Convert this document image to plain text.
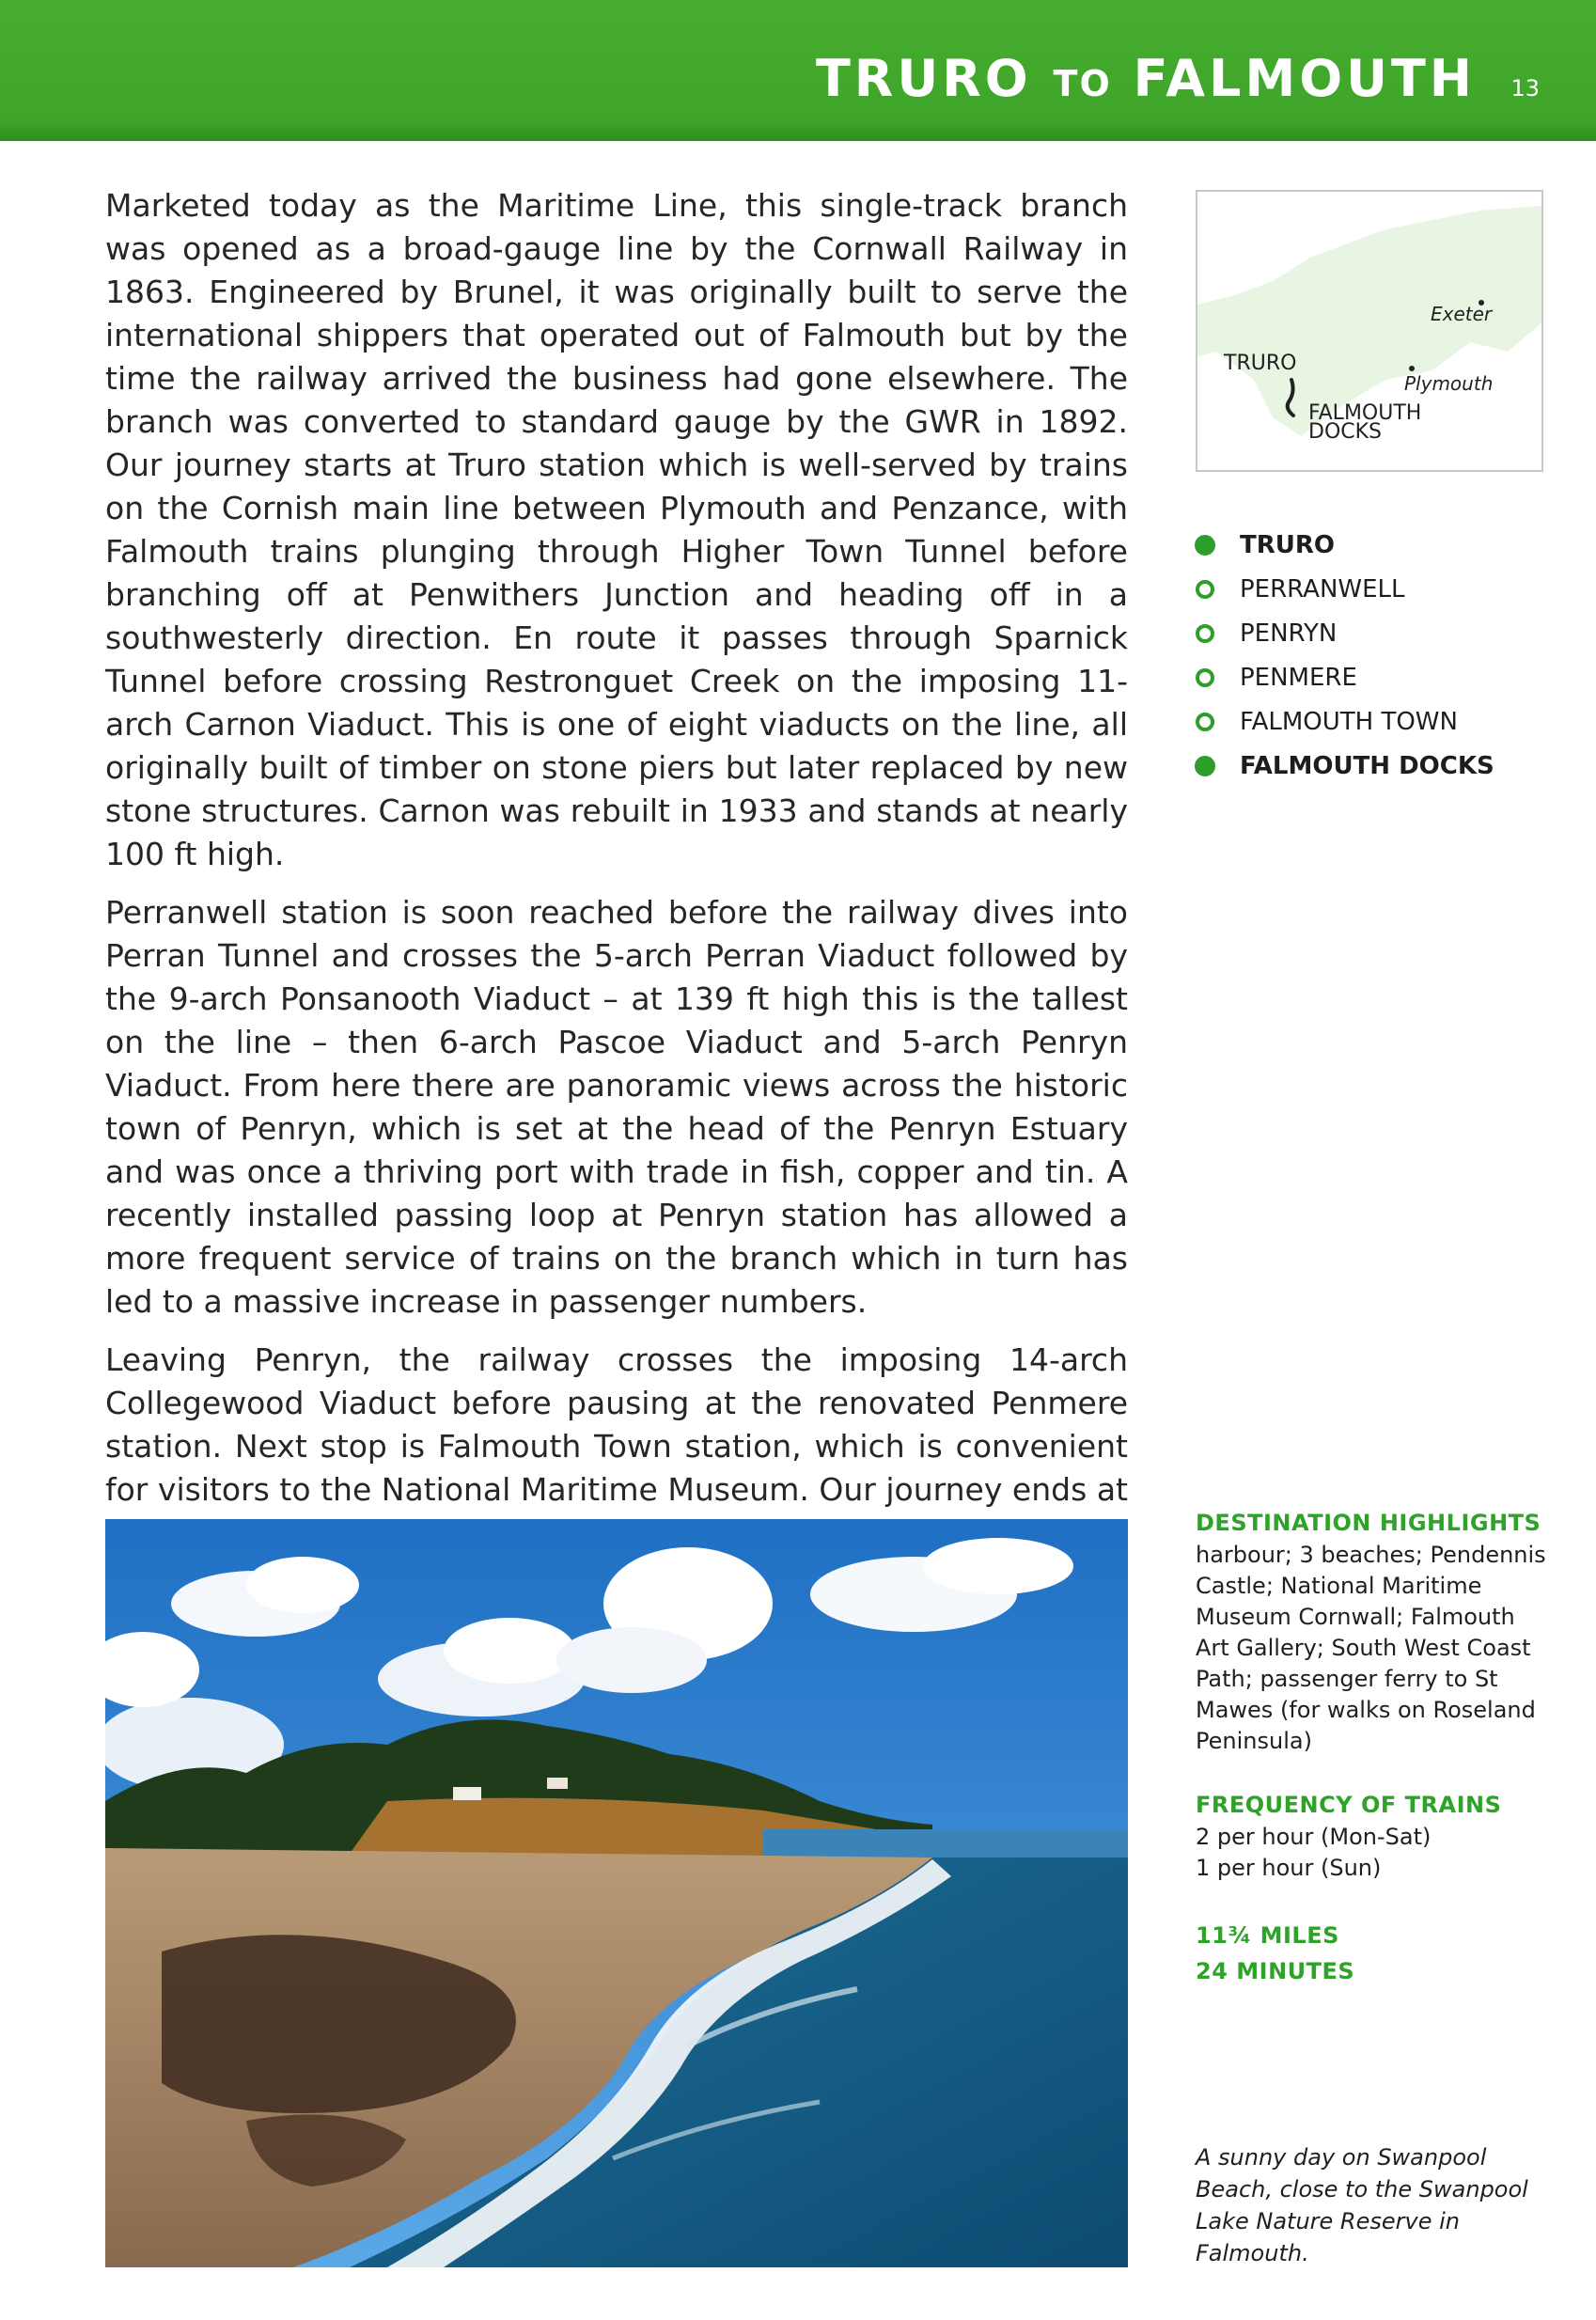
TRURO TO FALMOUTH 13

Marketed today as the Maritime Line, this single-track branch was opened as a broad-gauge line by the Cornwall Railway in 1863. Engineered by Brunel, it was originally built to serve the international shippers that operated out of Falmouth but by the time the railway arrived the business had gone elsewhere. The branch was converted to standard gauge by the GWR in 1892. Our journey starts at Truro station which is well-served by trains on the Cornish main line between Plymouth and Penzance, with Falmouth trains plunging through Higher Town Tunnel before branching off at Penwithers Junction and heading off in a southwesterly direction. En route it passes through Sparnick Tunnel before crossing Restronguet Creek on the imposing 11-arch Carnon Viaduct. This is one of eight viaducts on the line, all originally built of timber on stone piers but later replaced by new stone structures. Carnon was rebuilt in 1933 and stands at nearly 100 ft high.

Perranwell station is soon reached before the railway dives into Perran Tunnel and crosses the 5-arch Perran Viaduct followed by the 9-arch Ponsanooth Viaduct – at 139 ft high this is the tallest on the line – then 6-arch Pascoe Viaduct and 5-arch Penryn Viaduct. From here there are panoramic views across the historic town of Penryn, which is set at the head of the Penryn Estuary and was once a thriving port with trade in fish, copper and tin. A recently installed passing loop at Penryn station has allowed a more frequent service of trains on the branch which in turn has led to a massive increase in passenger numbers.

Leaving Penryn, the railway crosses the imposing 14-arch Collegewood Viaduct before pausing at the renovated Penmere station. Next stop is Falmouth Town station, which is convenient for visitors to the National Maritime Museum. Our journey ends at

Exeter
TRURO
Plymouth
FALMOUTH
DOCKS
TRURO
PERRANWELL
PENRYN
PENMERE
FALMOUTH TOWN
FALMOUTH DOCKS
DESTINATION HIGHLIGHTS
harbour; 3 beaches; Pendennis Castle; National Maritime Museum Cornwall; Falmouth Art Gallery; South West Coast Path; passenger ferry to St Mawes (for walks on Roseland Peninsula)
FREQUENCY OF TRAINS
2 per hour (Mon-Sat)
1 per hour (Sun)
11¾ MILES
24 MINUTES
A sunny day on Swanpool Beach, close to the Swanpool Lake Nature Reserve in Falmouth.
